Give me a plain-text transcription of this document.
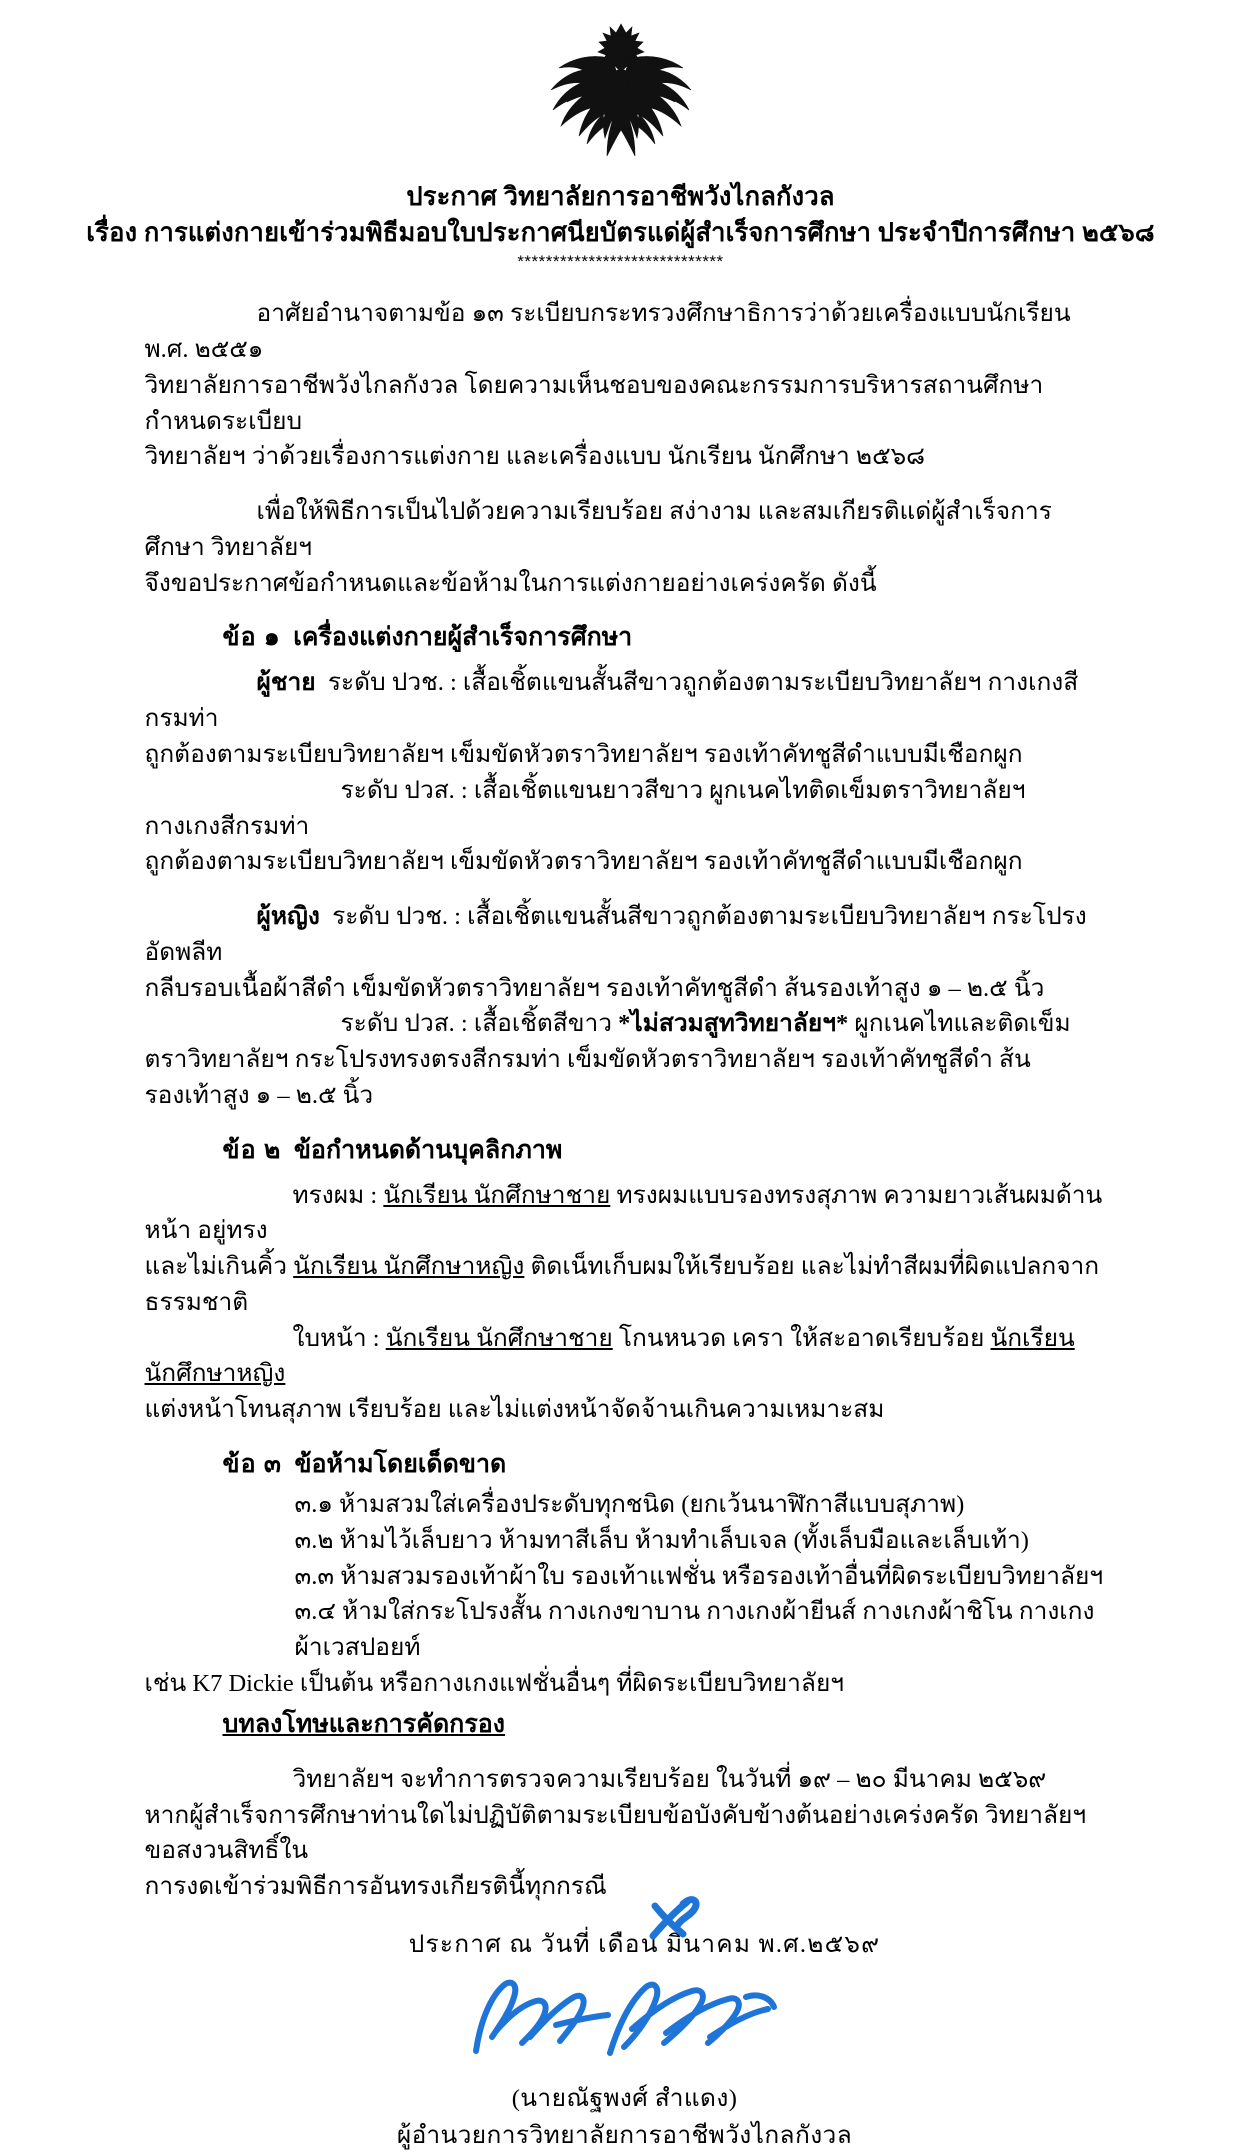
ประกาศ วิทยาลัยการอาชีพวังไกลกังวล
เรื่อง การแต่งกายเข้าร่วมพิธีมอบใบประกาศนียบัตรแด่ผู้สำเร็จการศึกษา ประจำปีการศึกษา ๒๕๖๘
*****************************

อาศัยอำนาจตามข้อ ๑๓ ระเบียบกระทรวงศึกษาธิการว่าด้วยเครื่องแบบนักเรียน พ.ศ. ๒๕๕๑

วิทยาลัยการอาชีพวังไกลกังวล โดยความเห็นชอบของคณะกรรมการบริหารสถานศึกษา กำหนดระเบียบ

วิทยาลัยฯ ว่าด้วยเรื่องการแต่งกาย และเครื่องแบบ นักเรียน นักศึกษา ๒๕๖๘

เพื่อให้พิธีการเป็นไปด้วยความเรียบร้อย สง่างาม และสมเกียรติแด่ผู้สำเร็จการศึกษา วิทยาลัยฯ

จึงขอประกาศข้อกำหนดและข้อห้ามในการแต่งกายอย่างเคร่งครัด ดังนี้

ข้อ ๑ เครื่องแต่งกายผู้สำเร็จการศึกษา

ผู้ชาย ระดับ ปวช. : เสื้อเชิ้ตแขนสั้นสีขาวถูกต้องตามระเบียบวิทยาลัยฯ กางเกงสีกรมท่า

ถูกต้องตามระเบียบวิทยาลัยฯ เข็มขัดหัวตราวิทยาลัยฯ รองเท้าคัทชูสีดำแบบมีเชือกผูก

ระดับ ปวส. : เสื้อเชิ้ตแขนยาวสีขาว ผูกเนคไทติดเข็มตราวิทยาลัยฯ กางเกงสีกรมท่า

ถูกต้องตามระเบียบวิทยาลัยฯ เข็มขัดหัวตราวิทยาลัยฯ รองเท้าคัทชูสีดำแบบมีเชือกผูก

ผู้หญิง ระดับ ปวช. : เสื้อเชิ้ตแขนสั้นสีขาวถูกต้องตามระเบียบวิทยาลัยฯ กระโปรงอัดพลีท

กลีบรอบเนื้อผ้าสีดำ เข็มขัดหัวตราวิทยาลัยฯ รองเท้าคัทชูสีดำ ส้นรองเท้าสูง ๑ – ๒.๕ นิ้ว

ระดับ ปวส. : เสื้อเชิ้ตสีขาว *ไม่สวมสูทวิทยาลัยฯ* ผูกเนคไทและติดเข็ม

ตราวิทยาลัยฯ กระโปรงทรงตรงสีกรมท่า เข็มขัดหัวตราวิทยาลัยฯ รองเท้าคัทชูสีดำ ส้นรองเท้าสูง ๑ – ๒.๕ นิ้ว

ข้อ ๒ ข้อกำหนดด้านบุคลิกภาพ

ทรงผม : นักเรียน นักศึกษาชาย ทรงผมแบบรองทรงสุภาพ ความยาวเส้นผมด้านหน้า อยู่ทรง

และไม่เกินคิ้ว นักเรียน นักศึกษาหญิง ติดเน็ทเก็บผมให้เรียบร้อย และไม่ทำสีผมที่ผิดแปลกจากธรรมชาติ

ใบหน้า : นักเรียน นักศึกษาชาย โกนหนวด เครา ให้สะอาดเรียบร้อย นักเรียน นักศึกษาหญิง

แต่งหน้าโทนสุภาพ เรียบร้อย และไม่แต่งหน้าจัดจ้านเกินความเหมาะสม

ข้อ ๓ ข้อห้ามโดยเด็ดขาด

๓.๑ ห้ามสวมใส่เครื่องประดับทุกชนิด (ยกเว้นนาฬิกาสีแบบสุภาพ)

๓.๒ ห้ามไว้เล็บยาว ห้ามทาสีเล็บ ห้ามทำเล็บเจล (ทั้งเล็บมือและเล็บเท้า)

๓.๓ ห้ามสวมรองเท้าผ้าใบ รองเท้าแฟชั่น หรือรองเท้าอื่นที่ผิดระเบียบวิทยาลัยฯ

๓.๔ ห้ามใส่กระโปรงสั้น กางเกงขาบาน กางเกงผ้ายีนส์ กางเกงผ้าชิโน กางเกงผ้าเวสปอยท์

เช่น K7 Dickie เป็นต้น หรือกางเกงแฟชั่นอื่นๆ ที่ผิดระเบียบวิทยาลัยฯ

บทลงโทษและการคัดกรอง

วิทยาลัยฯ จะทำการตรวจความเรียบร้อย ในวันที่ ๑๙ – ๒๐ มีนาคม ๒๕๖๙

หากผู้สำเร็จการศึกษาท่านใดไม่ปฏิบัติตามระเบียบข้อบังคับข้างต้นอย่างเคร่งครัด วิทยาลัยฯ ขอสงวนสิทธิ์ใน

การงดเข้าร่วมพิธีการอันทรงเกียรตินี้ทุกกรณี

ประกาศ ณ วันที่ เดือน มีนาคม พ.ศ.๒๕๖๙

(นายณัฐพงศ์ สำแดง)

ผู้อำนวยการวิทยาลัยการอาชีพวังไกลกังวล
